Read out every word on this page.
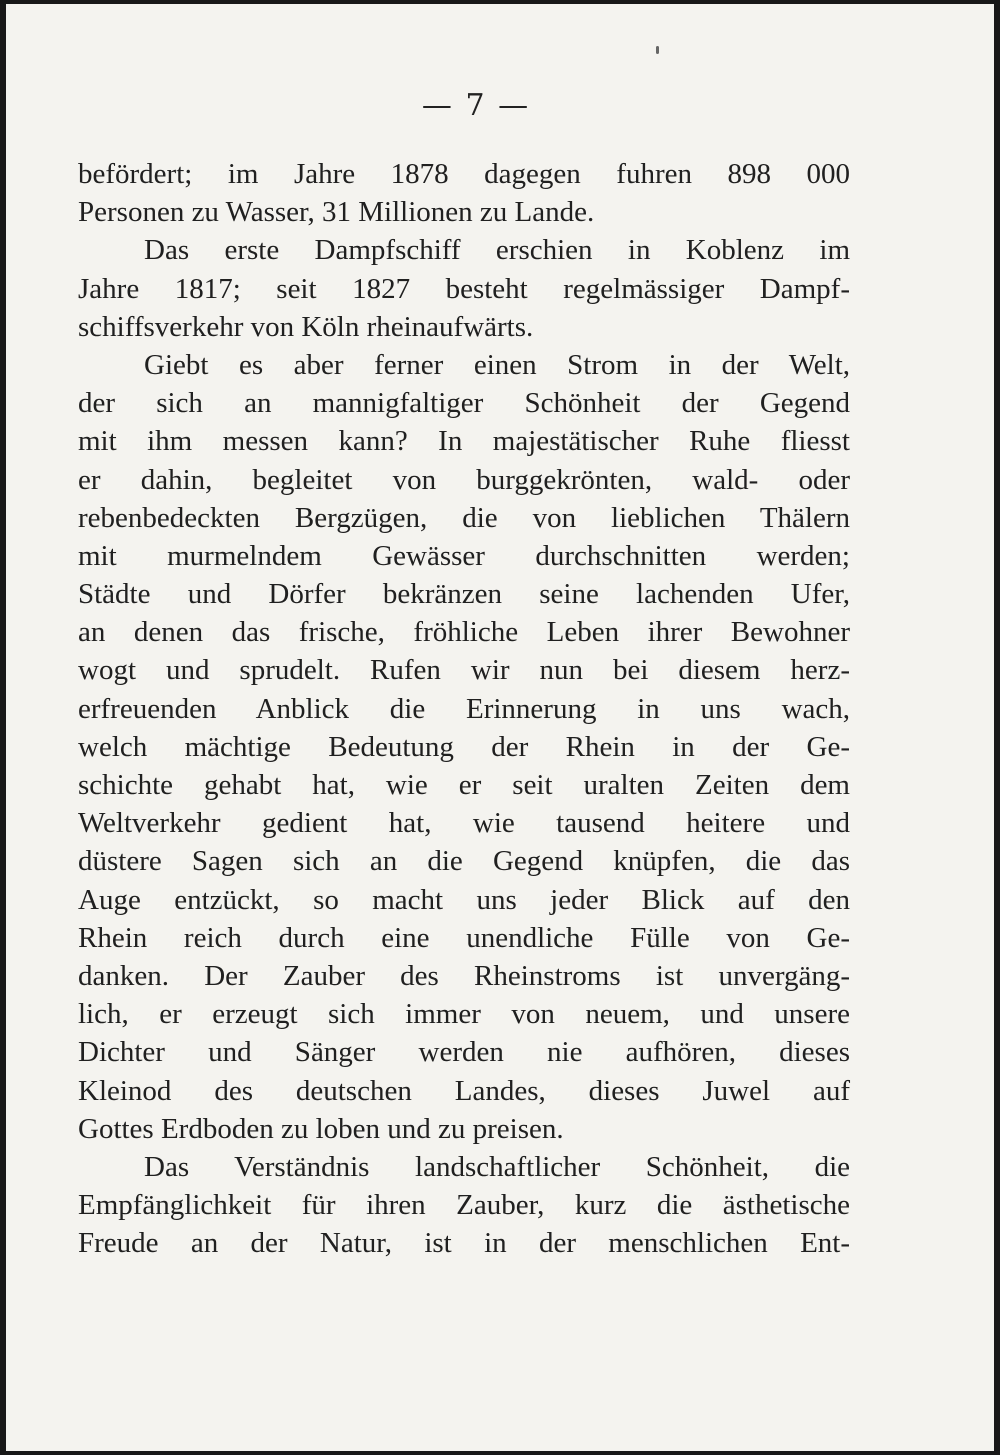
— 7 —
befördert; im Jahre 1878 dagegen fuhren 898 000
Personen zu Wasser, 31 Millionen zu Lande.
Das erste Dampfschiff erschien in Koblenz im
Jahre 1817; seit 1827 besteht regelmässiger Dampf-
schiffsverkehr von Köln rheinaufwärts.
Giebt es aber ferner einen Strom in der Welt,
der sich an mannigfaltiger Schönheit der Gegend
mit ihm messen kann? In majestätischer Ruhe fliesst
er dahin, begleitet von burggekrönten, wald- oder
rebenbedeckten Bergzügen, die von lieblichen Thälern
mit murmelndem Gewässer durchschnitten werden;
Städte und Dörfer bekränzen seine lachenden Ufer,
an denen das frische, fröhliche Leben ihrer Bewohner
wogt und sprudelt. Rufen wir nun bei diesem herz-
erfreuenden Anblick die Erinnerung in uns wach,
welch mächtige Bedeutung der Rhein in der Ge-
schichte gehabt hat, wie er seit uralten Zeiten dem
Weltverkehr gedient hat, wie tausend heitere und
düstere Sagen sich an die Gegend knüpfen, die das
Auge entzückt, so macht uns jeder Blick auf den
Rhein reich durch eine unendliche Fülle von Ge-
danken. Der Zauber des Rheinstroms ist unvergäng-
lich, er erzeugt sich immer von neuem, und unsere
Dichter und Sänger werden nie aufhören, dieses
Kleinod des deutschen Landes, dieses Juwel auf
Gottes Erdboden zu loben und zu preisen.
Das Verständnis landschaftlicher Schönheit, die
Empfänglichkeit für ihren Zauber, kurz die ästhetische
Freude an der Natur, ist in der menschlichen Ent-
